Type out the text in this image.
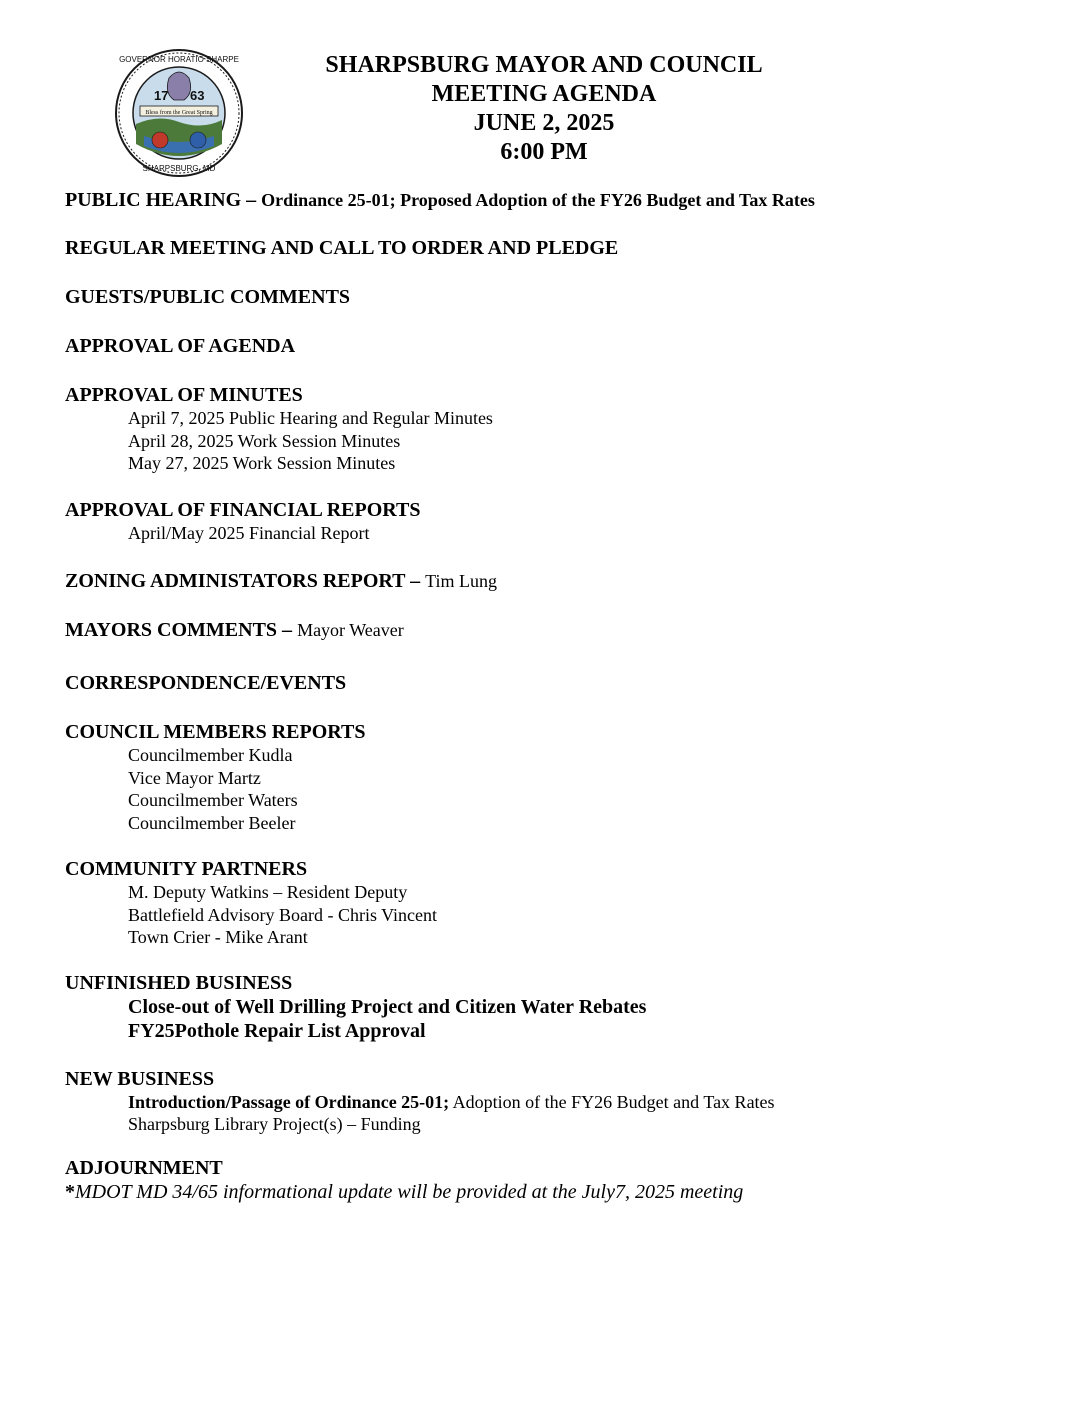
17 63
Bless from the Great Spring
GOVERNOR HORATIO SHARPE
SHARPSBURG, MD
SHARPSBURG MAYOR AND COUNCIL
MEETING AGENDA
JUNE 2, 2025
6:00 PM
PUBLIC HEARING – Ordinance 25-01; Proposed Adoption of the FY26 Budget and Tax Rates
REGULAR MEETING AND CALL TO ORDER AND PLEDGE
GUESTS/PUBLIC COMMENTS
APPROVAL OF AGENDA
APPROVAL OF MINUTES
April 7, 2025 Public Hearing and Regular Minutes
April 28, 2025 Work Session Minutes
May 27, 2025 Work Session Minutes
APPROVAL OF FINANCIAL REPORTS
April/May 2025 Financial Report
ZONING ADMINISTATORS REPORT – Tim Lung
MAYORS COMMENTS – Mayor Weaver
CORRESPONDENCE/EVENTS
COUNCIL MEMBERS REPORTS
Councilmember Kudla
Vice Mayor Martz
Councilmember Waters
Councilmember Beeler
COMMUNITY PARTNERS
M. Deputy Watkins – Resident Deputy
Battlefield Advisory Board - Chris Vincent
Town Crier - Mike Arant
UNFINISHED BUSINESS
Close-out of Well Drilling Project and Citizen Water Rebates
FY25Pothole Repair List Approval
NEW BUSINESS
Introduction/Passage of Ordinance 25-01; Adoption of the FY26 Budget and Tax Rates
Sharpsburg Library Project(s) – Funding
ADJOURNMENT
*MDOT MD 34/65 informational update will be provided at the July7, 2025 meeting
